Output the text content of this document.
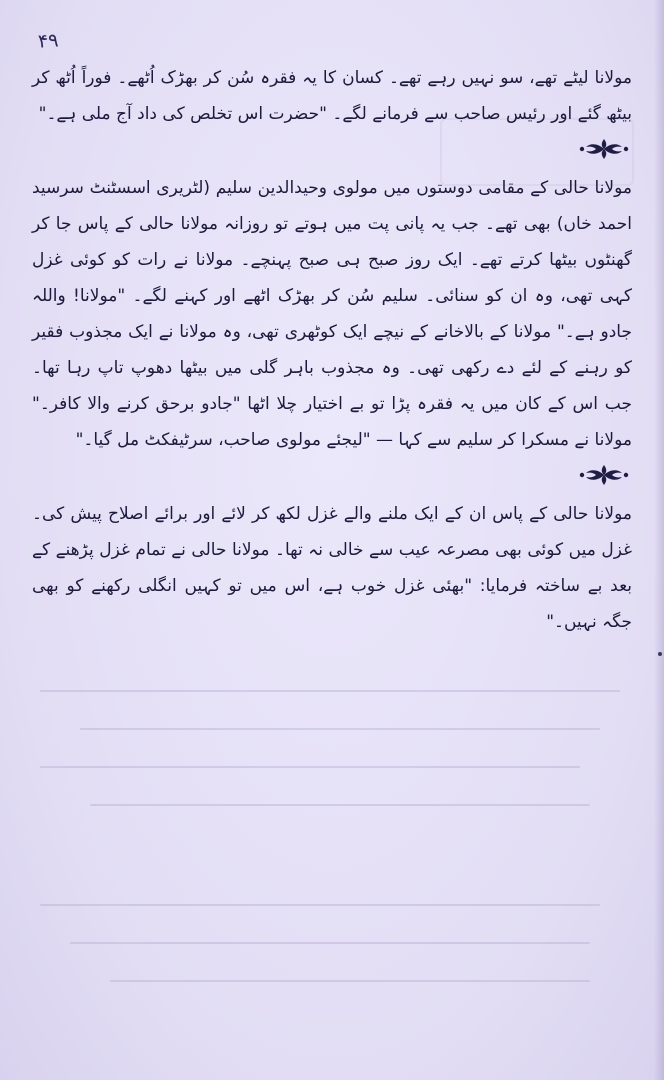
۴۹

مولانا لیٹے تھے، سو نہیں رہے تھے۔ کسان کا یہ فقرہ سُن کر بھڑک اُٹھے۔ فوراً اُٹھ کر بیٹھ گئے اور رئیس صاحب سے فرمانے لگے۔ "حضرت اس تخلص کی داد آج ملی ہے۔"

مولانا حالی کے مقامی دوستوں میں مولوی وحیدالدین سلیم (لٹریری اسسٹنٹ سرسید احمد خاں) بھی تھے۔ جب یہ پانی پت میں ہوتے تو روزانہ مولانا حالی کے پاس جا کر گھنٹوں بیٹھا کرتے تھے۔ ایک روز صبح ہی صبح پہنچے۔ مولانا نے رات کو کوئی غزل کہی تھی، وہ ان کو سنائی۔ سلیم سُن کر بھڑک اٹھے اور کہنے لگے۔ "مولانا! واللہ جادو ہے۔" مولانا کے بالاخانے کے نیچے ایک کوٹھری تھی، وہ مولانا نے ایک مجذوب فقیر کو رہنے کے لئے دے رکھی تھی۔ وہ مجذوب باہر گلی میں بیٹھا دھوپ تاپ رہا تھا۔ جب اس کے کان میں یہ فقرہ پڑا تو بے اختیار چلا اٹھا "جادو برحق کرنے والا کافر۔" مولانا نے مسکرا کر سلیم سے کہا — "لیجئے مولوی صاحب، سرٹیفکٹ مل گیا۔"

مولانا حالی کے پاس ان کے ایک ملنے والے غزل لکھ کر لائے اور برائے اصلاح پیش کی۔ غزل میں کوئی بھی مصرعہ عیب سے خالی نہ تھا۔ مولانا حالی نے تمام غزل پڑھنے کے بعد بے ساختہ فرمایا: "بھئی غزل خوب ہے، اس میں تو کہیں انگلی رکھنے کو بھی جگہ نہیں۔"
